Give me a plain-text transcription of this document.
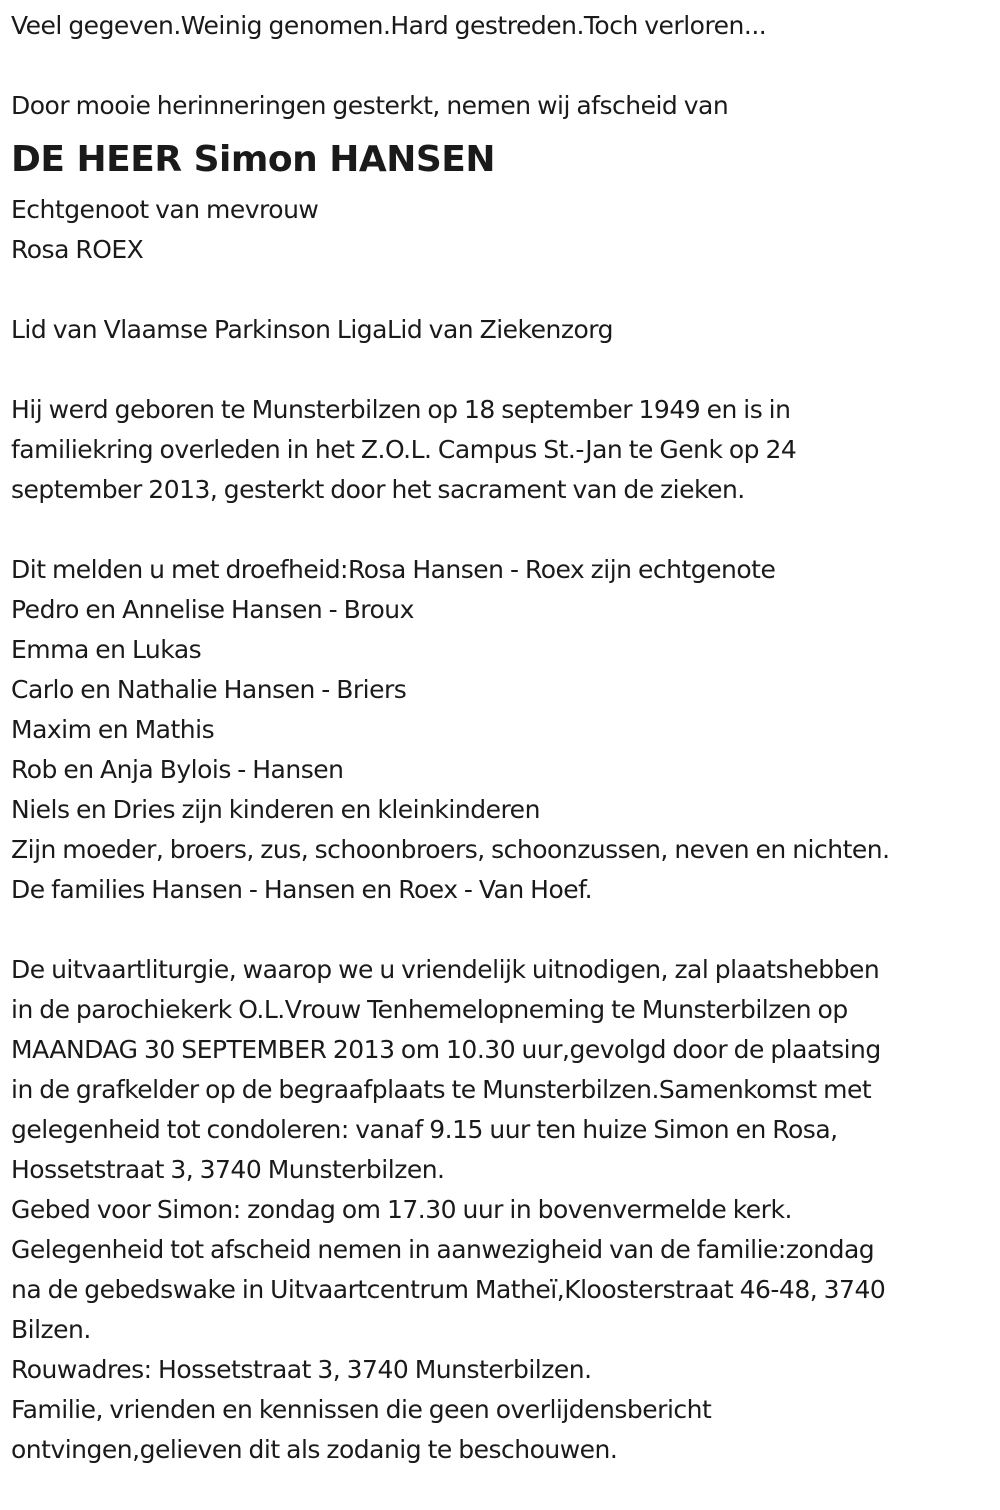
Veel gegeven.Weinig genomen.Hard gestreden.Toch verloren...
Door mooie herinneringen gesterkt, nemen wij afscheid van
DE HEER Simon HANSEN
Echtgenoot van mevrouw
Rosa ROEX
Lid van Vlaamse Parkinson LigaLid van Ziekenzorg
Hij werd geboren te Munsterbilzen op 18 september 1949 en is in
familiekring overleden in het Z.O.L. Campus St.-Jan te Genk op 24
september 2013, gesterkt door het sacrament van de zieken.
Dit melden u met droefheid:Rosa Hansen - Roex zijn echtgenote
Pedro en Annelise Hansen - Broux
Emma en Lukas
Carlo en Nathalie Hansen - Briers
Maxim en Mathis
Rob en Anja Bylois - Hansen
Niels en Dries zijn kinderen en kleinkinderen
Zijn moeder, broers, zus, schoonbroers, schoonzussen, neven en nichten.
De families Hansen - Hansen en Roex - Van Hoef.
De uitvaartliturgie, waarop we u vriendelijk uitnodigen, zal plaatshebben
in de parochiekerk O.L.Vrouw Tenhemelopneming te Munsterbilzen op
MAANDAG 30 SEPTEMBER 2013 om 10.30 uur,gevolgd door de plaatsing
in de grafkelder op de begraafplaats te Munsterbilzen.Samenkomst met
gelegenheid tot condoleren: vanaf 9.15 uur ten huize Simon en Rosa,
Hossetstraat 3, 3740 Munsterbilzen.
Gebed voor Simon: zondag om 17.30 uur in bovenvermelde kerk.
Gelegenheid tot afscheid nemen in aanwezigheid van de familie:zondag
na de gebedswake in Uitvaartcentrum Matheï,Kloosterstraat 46-48, 3740
Bilzen.
Rouwadres: Hossetstraat 3, 3740 Munsterbilzen.
Familie, vrienden en kennissen die geen overlijdensbericht
ontvingen,gelieven dit als zodanig te beschouwen.
